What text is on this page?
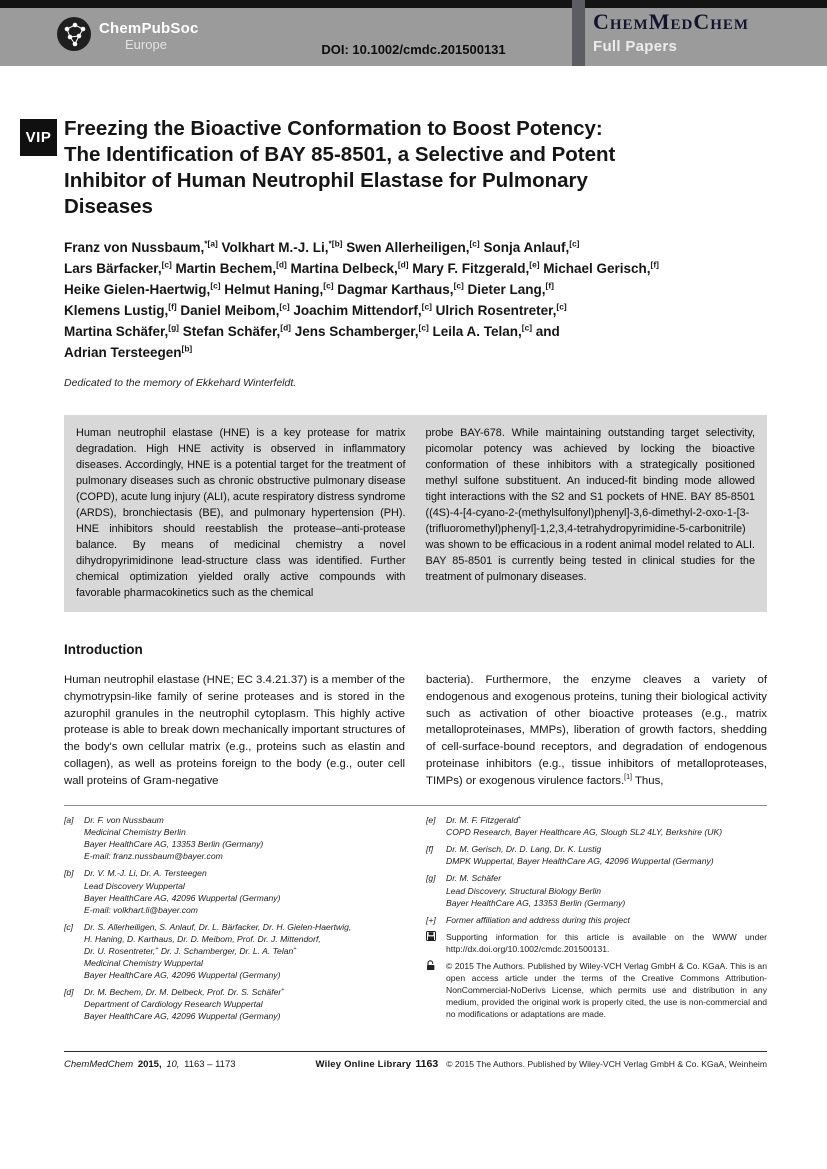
ChemPubSoc
Europe	DOI: 10.1002/cmdc.201500131
ChemMedChem
Full Papers
VIP Freezing the Bioactive Conformation to Boost Potency:
The Identification of BAY 85-8501, a Selective and Potent
Inhibitor of Human Neutrophil Elastase for Pulmonary
Diseases
Franz von Nussbaum,$^{*[a]}$ Volkhart M.-J. Li,$^{*[b]}$ Swen Allerheiligen,[c] Sonja Anlauf,[c]
Lars Bärfacker,[c] Martin Bechem,[d] Martina Delbeck,[d] Mary F. Fitzgerald,[e] Michael Gerisch,[f]
Heike Gielen-Haertwig,[c] Helmut Haning,[c] Dagmar Karthaus,[c] Dieter Lang,[f]
Klemens Lustig,[f] Daniel Meibom,[c] Joachim Mittendorf,[c] Ulrich Rosentreter,[c]
Martina Schäfer,[g] Stefan Schäfer,[d] Jens Schamberger,[c] Leila A. Telan,[c] and
Adrian Tersteegen[b]

Dedicated to the memory of Ekkehard Winterfeldt.

Human neutrophil elastase (HNE) is a key protease for matrix degradation. High HNE activity is observed in inflammatory diseases. Accordingly, HNE is a potential target for the treatment of pulmonary diseases such as chronic obstructive pulmonary disease (COPD), acute lung injury (ALI), acute respiratory distress syndrome (ARDS), bronchiectasis (BE), and pulmonary hypertension (PH). HNE inhibitors should reestablish the protease–anti-protease balance. By means of medicinal chemistry a novel dihydropyrimidinone lead-structure class was identified. Further chemical optimization yielded orally active compounds with favorable pharmacokinetics such as the chemical

probe BAY-678. While maintaining outstanding target selectivity, picomolar potency was achieved by locking the bioactive conformation of these inhibitors with a strategically positioned methyl sulfone substituent. An induced-fit binding mode allowed tight interactions with the S2 and S1 pockets of HNE. BAY 85-8501 ((4S)-4-[4-cyano-2-(methylsulfonyl)phenyl]-3,6-dimethyl-2-oxo-1-[3-(trifluoromethyl)phenyl]-1,2,3,4-tetrahydropyrimidine-5-carbonitrile) was shown to be efficacious in a rodent animal model related to ALI. BAY 85-8501 is currently being tested in clinical studies for the treatment of pulmonary diseases.

Introduction

Human neutrophil elastase (HNE; EC 3.4.21.37) is a member of the chymotrypsin-like family of serine proteases and is stored in the azurophil granules in the neutrophil cytoplasm. This highly active protease is able to break down mechanically important structures of the body's own cellular matrix (e.g., proteins such as elastin and collagen), as well as proteins foreign to the body (e.g., outer cell wall proteins of Gram-negative

bacteria). Furthermore, the enzyme cleaves a variety of endogenous and exogenous proteins, tuning their biological activity such as activation of other bioactive proteases (e.g., matrix metalloproteinases, MMPs), liberation of growth factors, shedding of cell-surface-bound receptors, and degradation of endogenous proteinase inhibitors (e.g., tissue inhibitors of metalloproteases, TIMPs) or exogenous virulence factors.[1] Thus,

[a]	Dr. F. von Nussbaum
Medicinal Chemistry Berlin
Bayer HealthCare AG, 13353 Berlin (Germany)
E-mail: franz.nussbaum@bayer.com
[b]	Dr. V. M.-J. Li, Dr. A. Tersteegen
Lead Discovery Wuppertal
Bayer HealthCare AG, 42096 Wuppertal (Germany)
E-mail: volkhart.li@bayer.com
[c]	Dr. S. Allerheiligen, S. Anlauf, Dr. L. Bärfacker, Dr. H. Gielen-Haertwig,
H. Haning, D. Karthaus, Dr. D. Meibom, Prof. Dr. J. Mittendorf,
Dr. U. Rosentreter,+ Dr. J. Schamberger, Dr. L. A. Telan+
Medicinal Chemistry Wuppertal
Bayer HealthCare AG, 42096 Wuppertal (Germany)
[d]	Dr. M. Bechem, Dr. M. Delbeck, Prof. Dr. S. Schäfer+
Department of Cardiology Research Wuppertal
Bayer HealthCare AG, 42096 Wuppertal (Germany)
[e]	Dr. M. F. Fitzgerald+
COPD Research, Bayer Healthcare AG, Slough SL2 4LY, Berkshire (UK)
[f]	Dr. M. Gerisch, Dr. D. Lang, Dr. K. Lustig
DMPK Wuppertal, Bayer HealthCare AG, 42096 Wuppertal (Germany)
[g]	Dr. M. Schäfer
Lead Discovery, Structural Biology Berlin
Bayer HealthCare AG, 13353 Berlin (Germany)
[+]	Former affiliation and address during this project
Supporting information for this article is available on the WWW under http://dx.doi.org/10.1002/cmdc.201500131.
© 2015 The Authors. Published by Wiley-VCH Verlag GmbH & Co. KGaA. This is an open access article under the terms of the Creative Commons Attribution-NonCommercial-NoDerivs License, which permits use and distribution in any medium, provided the original work is properly cited, the use is non-commercial and no modifications or adaptations are made.
ChemMedChem 2015, 10, 1163 – 1173	Wiley Online Library 1163 © 2015 The Authors. Published by Wiley-VCH Verlag GmbH & Co. KGaA, Weinheim
